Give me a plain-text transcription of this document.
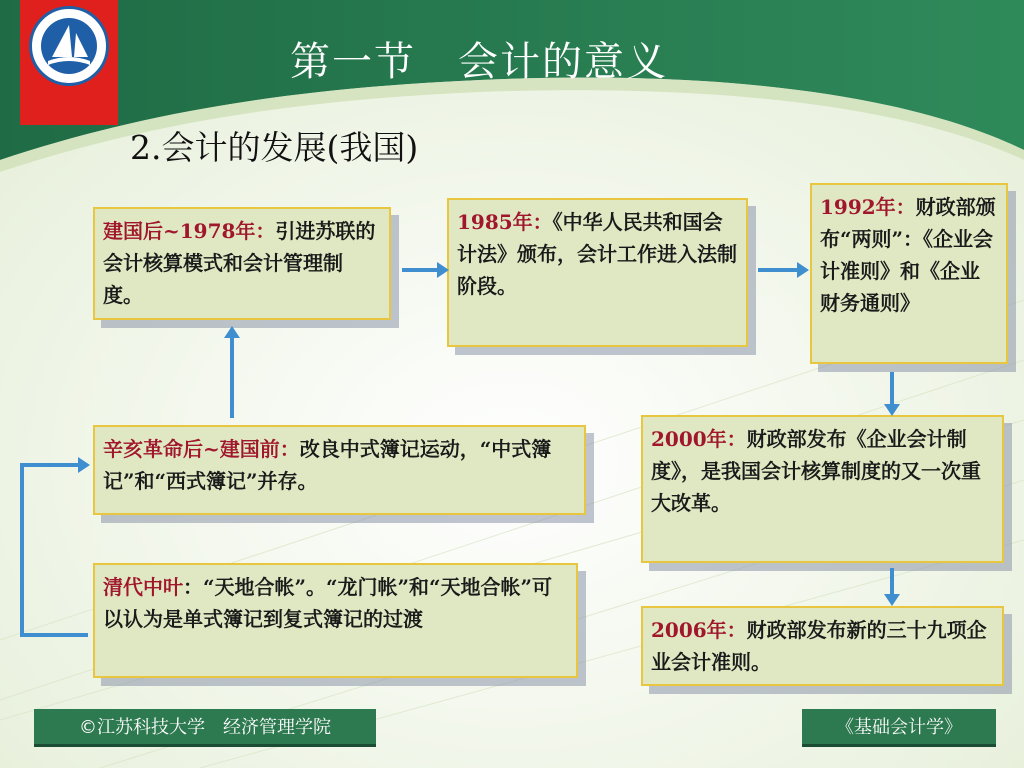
第一节　会计的意义
2.会计的发展(我国)
建国后~1978年：引进苏联的会计核算模式和会计管理制度。
1985年：《中华人民共和国会计法》颁布，会计工作进入法制阶段。
1992年：财政部颁布“两则”：《企业会计准则》和《企业财务通则》
辛亥革命后~建国前：改良中式簿记运动，“中式簿记”和“西式簿记”并存。
清代中叶：“天地合帐”。“龙门帐”和“天地合帐”可以认为是单式簿记到复式簿记的过渡
2000年：财政部发布《企业会计制度》，是我国会计核算制度的又一次重大改革。
2006年：财政部发布新的三十九项企业会计准则。
©江苏科技大学　经济管理学院	《基础会计学》
